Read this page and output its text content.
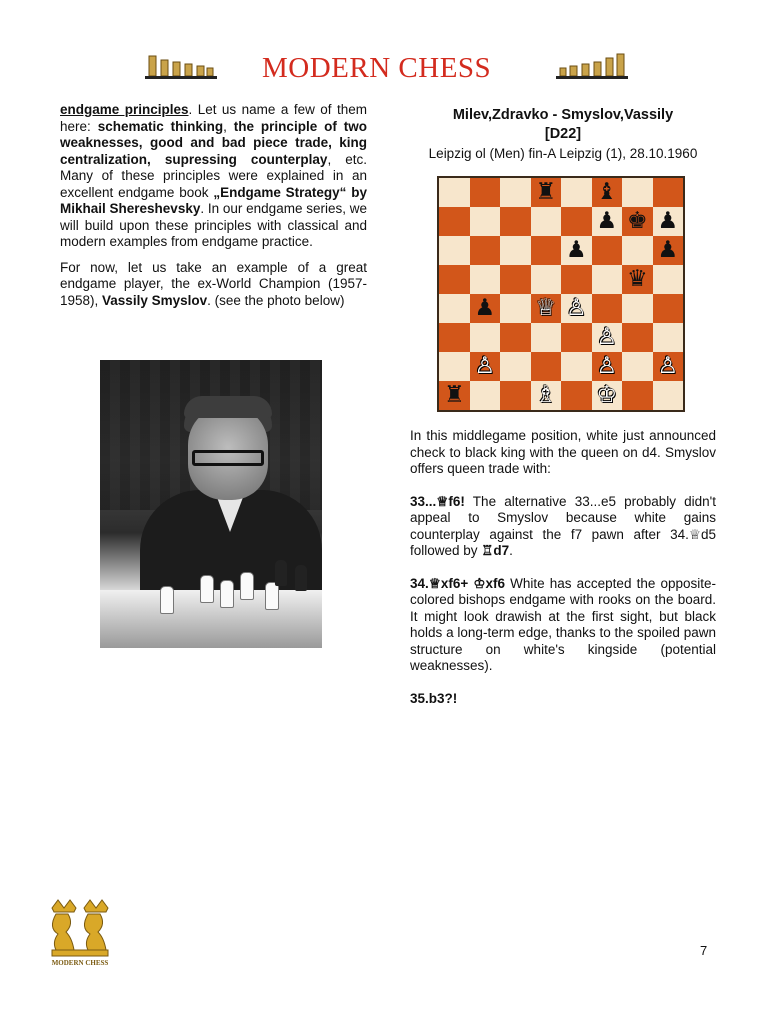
MODERN CHESS

endgame principles. Let us name a few of them here: schematic thinking, the principle of two weaknesses, good and bad piece trade, king centralization, supressing counterplay, etc. Many of these principles were explained in an excellent endgame book „Endgame Strategy“ by Mikhail Shereshevsky. In our endgame series, we will build upon these principles with classical and modern examples from endgame practice.

For now, let us take an example of a great endgame player, the ex-World Champion (1957-1958), Vassily Smyslov. (see the photo below)

Milev,Zdravko - Smyslov,Vassily
[D22]
Leipzig ol (Men) fin-A Leipzig (1), 28.10.1960
♜ ♝
♟ ♚ ♟
♟	♟
♛
♟ ♕ ♙
♙
♙	♙ ♙
♜	♗ ♔

In this middlegame position, white just announced check to black king with the queen on d4. Smyslov offers queen trade with:

33...♕f6! The alternative 33...e5 probably didn't appeal to Smyslov because white gains counterplay against the f7 pawn after 34.♕d5 followed by ♖d7.

34.♕xf6+ ♔xf6 White has accepted the opposite-colored bishops endgame with rooks on the board. It might look drawish at the first sight, but black holds a long-term edge, thanks to the spoiled pawn structure on white's kingside (potential weaknesses).

35.b3?!

MODERN CHESS
7
